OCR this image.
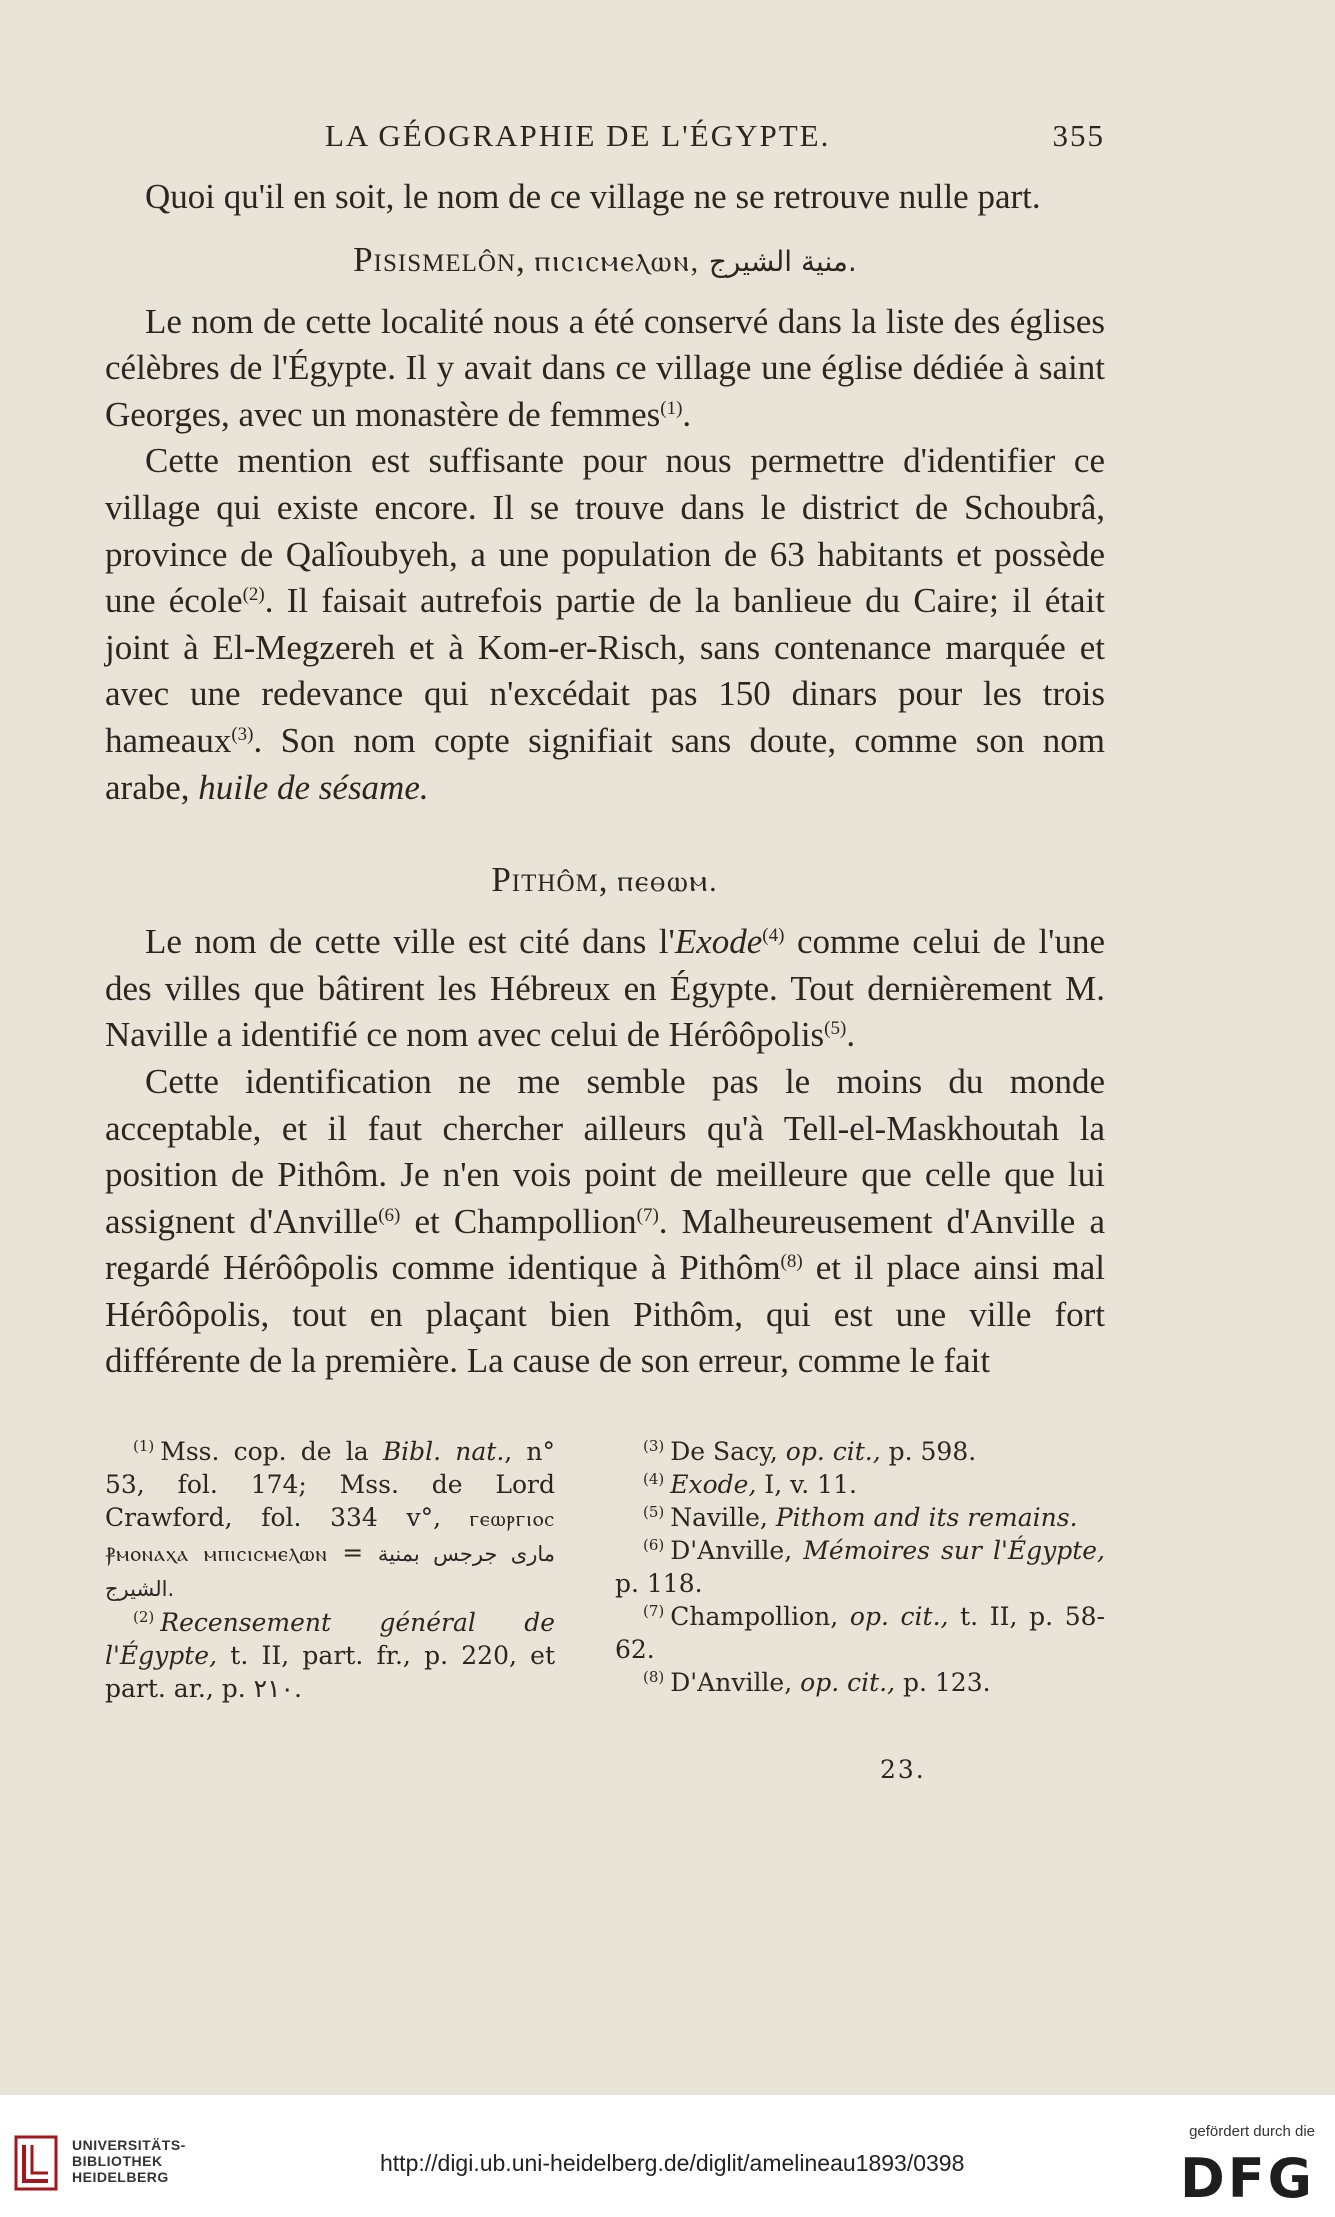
LA GÉOGRAPHIE DE L'ÉGYPTE.	355

Quoi qu'il en soit, le nom de ce village ne se retrouve nulle part.

Pisismelôn, ⲡⲓⲥⲓⲥⲙⲉⲗⲱⲛ, منية الشيرج.

Le nom de cette localité nous a été conservé dans la liste des églises célèbres de l'Égypte. Il y avait dans ce village une église dédiée à saint Georges, avec un monastère de femmes$^{(1)}$.

Cette mention est suffisante pour nous permettre d'identifier ce village qui existe encore. Il se trouve dans le district de Schoubrâ, province de Qalîoubyeh, a une population de 63 habitants et possède une école$^{(2)}$. Il faisait autrefois partie de la banlieue du Caire; il était joint à El-Megzereh et à Kom-er-Risch, sans contenance marquée et avec une redevance qui n'excédait pas 150 dinars pour les trois hameaux$^{(3)}$. Son nom copte signifiait sans doute, comme son nom arabe, huile de sésame.

Pithôm, ⲡⲉⲑⲱⲙ.

Le nom de cette ville est cité dans l'Exode$^{(4)}$ comme celui de l'une des villes que bâtirent les Hébreux en Égypte. Tout dernièrement M. Naville a identifié ce nom avec celui de Hérôôpolis$^{(5)}$.

Cette identification ne me semble pas le moins du monde acceptable, et il faut chercher ailleurs qu'à Tell-el-Maskhoutah la position de Pithôm. Je n'en vois point de meilleure que celle que lui assignent d'Anville$^{(6)}$ et Champollion$^{(7)}$. Malheureusement d'Anville a regardé Hérôôpolis comme identique à Pithôm$^{(8)}$ et il place ainsi mal Hérôôpolis, tout en plaçant bien Pithôm, qui est une ville fort différente de la première. La cause de son erreur, comme le fait

$^{(1)}$ Mss. cop. de la Bibl. nat., n° 53, fol. 174; Mss. de Lord Crawford, fol. 334 v°, ⲅⲉⲱⲣⲅⲓⲟⲥ ⳁⲙⲟⲛⲁⲭⲁ ⲙⲡⲓⲥⲓⲥⲙⲉⲗⲱⲛ = مارى جرجس بمنية الشيرج.
$^{(2)}$ Recensement général de l'Égypte, t. II, part. fr., p. 220, et part. ar., p. ٢١٠.
$^{(3)}$ De Sacy, op. cit., p. 598.
$^{(4)}$ Exode, I, v. 11.
$^{(5)}$ Naville, Pithom and its remains.
$^{(6)}$ D'Anville, Mémoires sur l'Égypte, p. 118.
$^{(7)}$ Champollion, op. cit., t. II, p. 58-62.
$^{(8)}$ D'Anville, op. cit., p. 123.
23.
UNIVERSITÄTS-
BIBLIOTHEK
HEIDELBERG
http://digi.ub.uni-heidelberg.de/diglit/amelineau1893/0398
gefördert durch die
DFG
